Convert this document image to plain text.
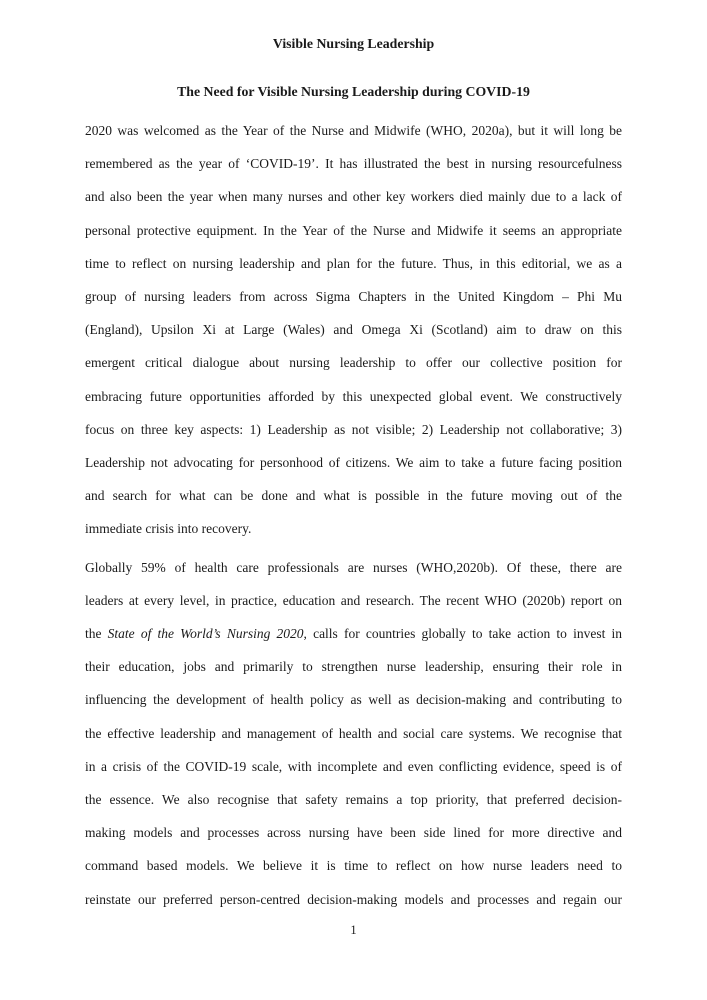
Visible Nursing Leadership
The Need for Visible Nursing Leadership during COVID-19
2020 was welcomed as the Year of the Nurse and Midwife (WHO, 2020a), but it will long be
remembered as the year of ‘COVID-19’. It has illustrated the best in nursing resourcefulness
and also been the year when many nurses and other key workers died mainly due to a lack of
personal protective equipment. In the Year of the Nurse and Midwife it seems an appropriate
time to reflect on nursing leadership and plan for the future. Thus, in this editorial, we as a
group of nursing leaders from across Sigma Chapters in the United Kingdom – Phi Mu
(England), Upsilon Xi at Large (Wales) and Omega Xi (Scotland) aim to draw on this
emergent critical dialogue about nursing leadership to offer our collective position for
embracing future opportunities afforded by this unexpected global event. We constructively
focus on three key aspects: 1) Leadership as not visible; 2) Leadership not collaborative; 3)
Leadership not advocating for personhood of citizens. We aim to take a future facing position
and search for what can be done and what is possible in the future moving out of the
immediate crisis into recovery.
Globally 59% of health care professionals are nurses (WHO,2020b). Of these, there are
leaders at every level, in practice, education and research. The recent WHO (2020b) report on
the State of the World’s Nursing 2020, calls for countries globally to take action to invest in
their education, jobs and primarily to strengthen nurse leadership, ensuring their role in
influencing the development of health policy as well as decision-making and contributing to
the effective leadership and management of health and social care systems. We recognise that
in a crisis of the COVID-19 scale, with incomplete and even conflicting evidence, speed is of
the essence. We also recognise that safety remains a top priority, that preferred decision-
making models and processes across nursing have been side lined for more directive and
command based models. We believe it is time to reflect on how nurse leaders need to
reinstate our preferred person-centred decision-making models and processes and regain our
1
